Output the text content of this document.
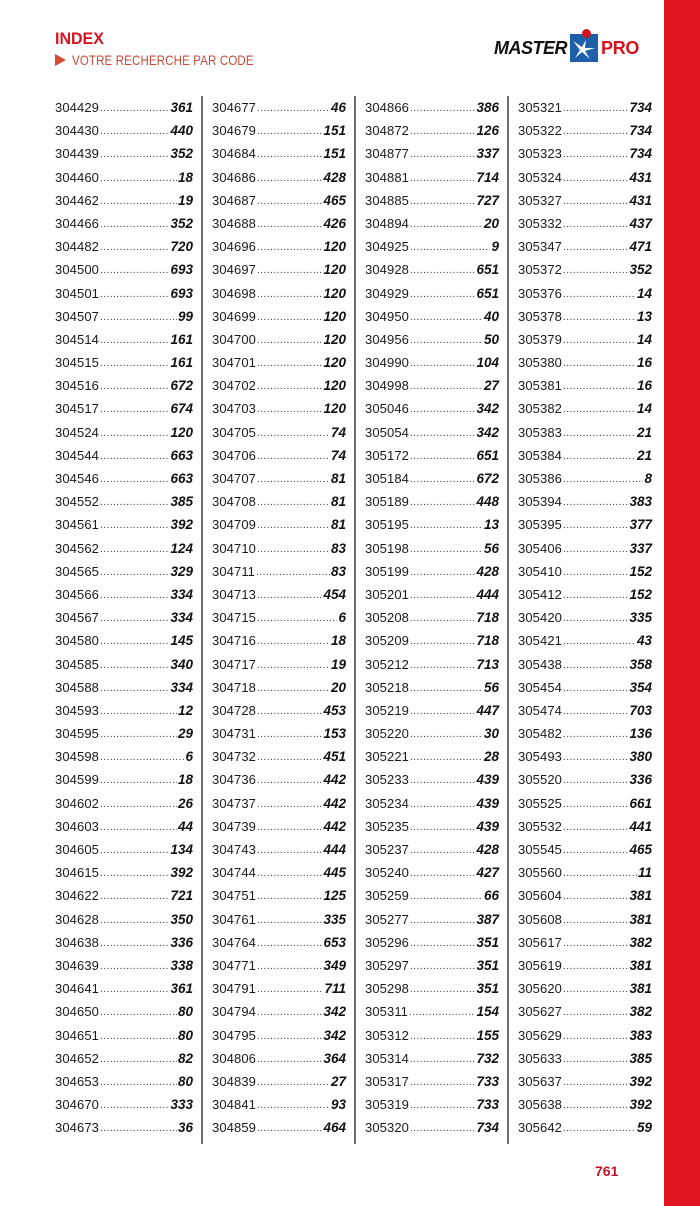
INDEX
VOTRE RECHERCHE PAR CODE
MASTER PRO
304429 .....	361
304430 .....	440
304439 .....	352
304460 .....	18
304462 .....	19
304466 .....	352
304482 .....	720
304500 .....	693
304501 .....	693
304507 .....	99
304514 .....	161
304515 .....	161
304516 .....	672
304517 .....	674
304524 .....	120
304544 .....	663
304546 .....	663
304552 .....	385
304561 .....	392
304562 .....	124
304565 .....	329
304566 .....	334
304567 .....	334
304580 .....	145
304585 .....	340
304588 .....	334
304593 .....	12
304595 .....	29
304598 .....	6
304599 .....	18
304602 .....	26
304603 .....	44
304605 .....	134
304615 .....	392
304622 .....	721
304628 .....	350
304638 .....	336
304639 .....	338
304641 .....	361
304650 .....	80
304651 .....	80
304652 .....	82
304653 .....	80
304670 .....	333
304673 .....	36
304677 .....	46
304679 .....	151
304684 .....	151
304686 .....	428
304687 .....	465
304688 .....	426
304696 .....	120
304697 .....	120
304698 .....	120
304699 .....	120
304700 .....	120
304701 .....	120
304702 .....	120
304703 .....	120
304705 .....	74
304706 .....	74
304707 .....	81
304708 .....	81
304709 .....	81
304710 .....	83
304711 .....	83
304713 .....	454
304715 .....	6
304716 .....	18
304717 .....	19
304718 .....	20
304728 .....	453
304731 .....	153
304732 .....	451
304736 .....	442
304737 .....	442
304739 .....	442
304743 .....	444
304744 .....	445
304751 .....	125
304761 .....	335
304764 .....	653
304771 .....	349
304791 .....	711
304794 .....	342
304795 .....	342
304806 .....	364
304839 .....	27
304841 .....	93
304859 .....	464
304866 .....	386
304872 .....	126
304877 .....	337
304881 .....	714
304885 .....	727
304894 .....	20
304925 .....	9
304928 .....	651
304929 .....	651
304950 .....	40
304956 .....	50
304990 .....	104
304998 .....	27
305046 .....	342
305054 .....	342
305172 .....	651
305184 .....	672
305189 .....	448
305195 .....	13
305198 .....	56
305199 .....	428
305201 .....	444
305208 .....	718
305209 .....	718
305212 .....	713
305218 .....	56
305219 .....	447
305220 .....	30
305221 .....	28
305233 .....	439
305234 .....	439
305235 .....	439
305237 .....	428
305240 .....	427
305259 .....	66
305277 .....	387
305296 .....	351
305297 .....	351
305298 .....	351
305311 .....	154
305312 .....	155
305314 .....	732
305317 .....	733
305319 .....	733
305320 .....	734
305321 .....	734
305322 .....	734
305323 .....	734
305324 .....	431
305327 .....	431
305332 .....	437
305347 .....	471
305372 .....	352
305376 .....	14
305378 .....	13
305379 .....	14
305380 .....	16
305381 .....	16
305382 .....	14
305383 .....	21
305384 .....	21
305386 .....	8
305394 .....	383
305395 .....	377
305406 .....	337
305410 .....	152
305412 .....	152
305420 .....	335
305421 .....	43
305438 .....	358
305454 .....	354
305474 .....	703
305482 .....	136
305493 .....	380
305520 .....	336
305525 .....	661
305532 .....	441
305545 .....	465
305560 .....	11
305604 .....	381
305608 .....	381
305617 .....	382
305619 .....	381
305620 .....	381
305627 .....	382
305629 .....	383
305633 .....	385
305637 .....	392
305638 .....	392
305642 .....	59
761
